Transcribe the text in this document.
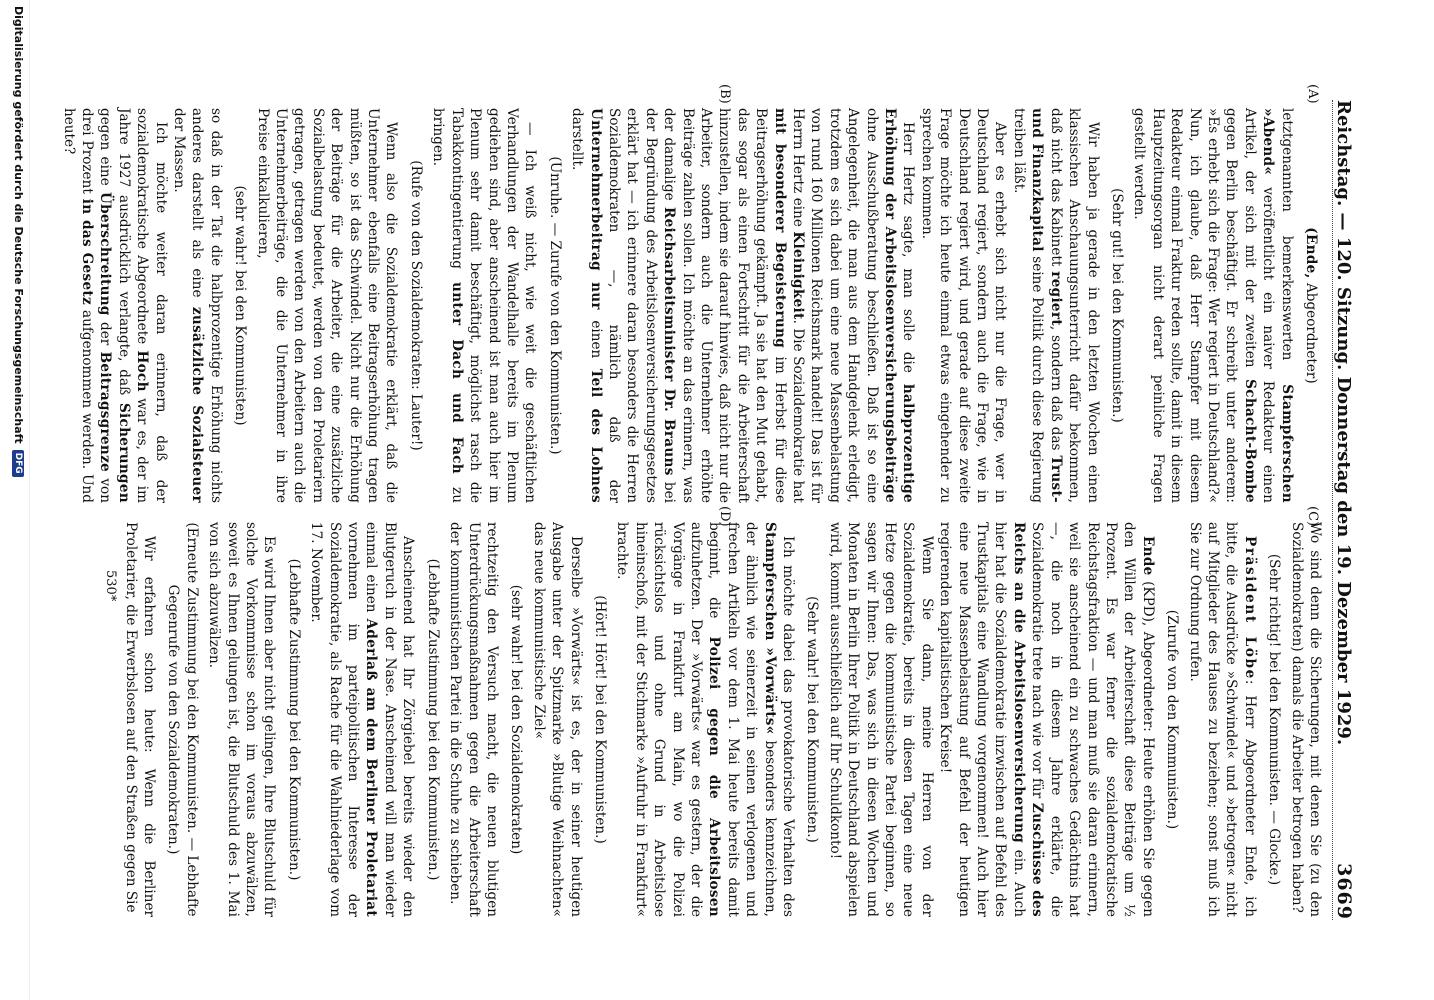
Reichstag. — 120. Sitzung. Donnerstag den 19. Dezember 1929.
3669
(A)
(B)
(C)
(D)

(Ende, Abgeordneter)

letztgenannten bemerkenswerten Stampferschen »Abend« veröffentlicht ein naiver Redakteur einen Artikel, der sich mit der zweiten Schacht-Bombe gegen Berlin beschäftigt. Er schreibt unter anderem: »Es erhebt sich die Frage: Wer regiert in Deutschland?« Nun, ich glaube, daß Herr Stampfer mit diesem Redakteur einmal Fraktur reden sollte, damit in diesem Hauptzeitungsorgan nicht derart peinliche Fragen gestellt werden.

(Sehr gut! bei den Kommunisten.)

Wir haben ja gerade in den letzten Wochen einen klassischen Anschauungsunterricht dafür bekommen, daß nicht das Kabinett regiert, sondern daß das Trust- und Finanzkapital seine Politik durch diese Regierung treiben läßt.

Aber es erhebt sich nicht nur die Frage, wer in Deutschland regiert, sondern auch die Frage, wie in Deutschland regiert wird, und gerade auf diese zweite Frage möchte ich heute einmal etwas eingehender zu sprechen kommen.

Herr Hertz sagte, man solle die halbprozentige Erhöhung der Arbeitslosenversicherungsbeiträge ohne Ausschußberatung beschließen. Daß ist so eine Angelegenheit, die man aus dem Handgelenk erledigt, trotzdem es sich dabei um eine neue Massenbelastung von rund 160 Millionen Reichsmark handelt! Das ist für Herrn Hertz eine Kleinigkeit. Die Sozialdemokratie hat mit besonderer Begeisterung im Herbst für diese Beitragserhöhung gekämpft. Ja sie hat den Mut gehabt, das sogar als einen Fortschritt für die Arbeiterschaft hinzustellen, indem sie darauf hinwies, daß nicht nur die Arbeiter, sondern auch die Unternehmer erhöhte Beiträge zahlen sollen. Ich möchte an das erinnern, was der damalige Reichsarbeitsminister Dr. Brauns bei der Begründung des Arbeitslosenversicherungsgesetzes erklärt hat — ich erinnere daran besonders die Herren Sozialdemokraten —, nämlich daß der Unternehmerbeitrag nur einen Teil des Lohnes darstellt.

(Unruhe. — Zurufe von den Kommunisten.)

— Ich weiß nicht, wie weit die geschäftlichen Verhandlungen der Wandelhalle bereits im Plenum gediehen sind, aber anscheinend ist man auch hier im Plenum sehr damit beschäftigt, möglichst rasch die Tabakkontingentierung unter Dach und Fach zu bringen.

(Rufe von den Sozialdemokraten: Lauter!)

Wenn also die Sozialdemokratie erklärt, daß die Unternehmer ebenfalls eine Beitragserhöhung tragen müßten, so ist das Schwindel. Nicht nur die Erhöhung der Beiträge für die Arbeiter, die eine zusätzliche Sozialbelastung bedeutet, werden von den Proletariern getragen, getragen werden von den Arbeitern auch die Unternehmerbeiträge, die die Unternehmer in ihre Preise einkalkulieren,

(sehr wahr! bei den Kommunisten)

so daß in der Tat die halbprozentige Erhöhung nichts anderes darstellt als eine zusätzliche Sozialsteuer der Massen.

Ich möchte weiter daran erinnern, daß der sozialdemokratische Abgeordnete Hoch war es, der im Jahre 1927 ausdrücklich verlangte, daß Sicherungen gegen eine Überschreitung der Beitragsgrenze von drei Prozent in das Gesetz aufgenommen werden. Und heute?

Wo sind denn die Sicherungen, mit denen Sie (zu den Sozialdemokraten) damals die Arbeiter betrogen haben?

(Sehr richtig! bei den Kommunisten. — Glocke.)

Präsident Löbe: Herr Abgeordneter Ende, ich bitte, die Ausdrücke »Schwindel« und »betrogen« nicht auf Mitglieder des Hauses zu beziehen; sonst muß ich Sie zur Ordnung rufen.

(Zurufe von den Kommunisten.)

Ende (KPD), Abgeordneter: Heute erhöhen Sie gegen den Willen der Arbeiterschaft diese Beiträge um ½ Prozent. Es war ferner die sozialdemokratische Reichstagsfraktion — und man muß sie daran erinnern, weil sie anscheinend ein zu schwaches Gedächtnis hat —, die noch in diesem Jahre erklärte, die Sozialdemokratie trete nach wie vor für Zuschüsse des Reichs an die Arbeitslosenversicherung ein. Auch hier hat die Sozialdemokratie inzwischen auf Befehl des Trustkapitals eine Wandlung vorgenommen! Auch hier eine neue Massenbelastung auf Befehl der heutigen regierenden kapitalistischen Kreise!

Wenn Sie dann, meine Herren von der Sozialdemokratie, bereits in diesen Tagen eine neue Hetze gegen die kommunistische Partei beginnen, so sagen wir Ihnen: Das, was sich in diesen Wochen und Monaten in Berlin Ihrer Politik in Deutschland abspielen wird, kommt ausschließlich auf Ihr Schuldkonto!

(Sehr wahr! bei den Kommunisten.)

Ich möchte dabei das provokatorische Verhalten des Stampferschen »Vorwärts« besonders kennzeichnen, der ähnlich wie seinerzeit in seinen verlogenen und frechen Artikeln vor dem 1. Mai heute bereits damit beginnt, die Polizei gegen die Arbeitslosen aufzuhetzen. Der »Vorwärts« war es gestern, der die Vorgänge in Frankfurt am Main, wo die Polizei rücksichtslos und ohne Grund in Arbeitslose hineinschoß, mit der Stichmarke »Aufruhr in Frankfurt« brachte.

(Hört! Hört! bei den Kommunisten.)

Derselbe »Vorwärts« ist es, der in seiner heutigen Ausgabe unter der Spitzmarke »Blutige Weihnachten« das neue kommunistische Ziel«

(sehr wahr! bei den Sozialdemokraten)

rechtzeitig den Versuch macht, die neuen blutigen Unterdrückungsmaßnahmen gegen die Arbeiterschaft der kommunistischen Partei in die Schuhe zu schieben.

(Lebhafte Zustimmung bei den Kommunisten.)

Anscheinend hat Ihr Zörgiebel bereits wieder den Blutgeruch in der Nase. Anscheinend will man wieder einmal einen Aderlaß am dem Berliner Proletariat vornehmen im parteipolitischen Interesse der Sozialdemokratie, als Rache für die Wahlniederlage vom 17. November.

(Lebhafte Zustimmung bei den Kommunisten.)

Es wird Ihnen aber nicht gelingen, Ihre Blutschuld für solche Vorkommnisse schon im voraus abzuwälzen, soweit es Ihnen gelungen ist, die Blutschuld des 1. Mai von sich abzuwälzen.

(Erneute Zustimmung bei den Kommunisten. — Lebhafte Gegenrufe von den Sozialdemokraten.)

Wir erfahren schon heute: Wenn die Berliner Proletarier, die Erwerbslosen auf den Straßen gegen Sie

530*
Digitalisierung gefördert durch die Deutsche Forschungsgemeinschaft
DFG
